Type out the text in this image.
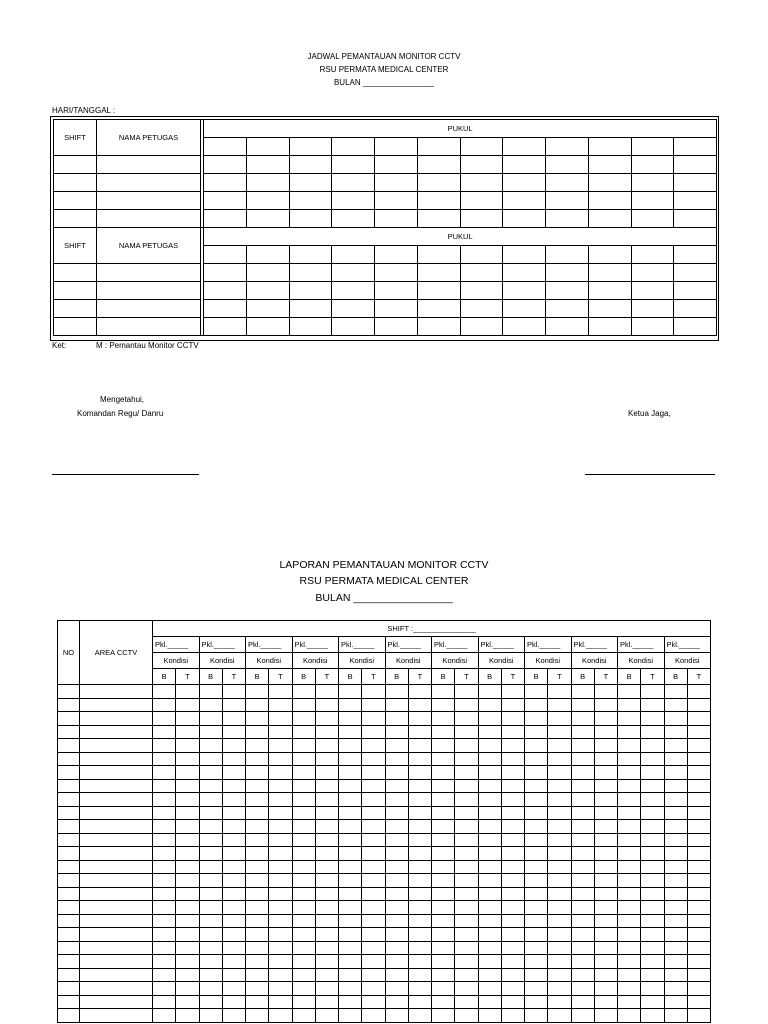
JADWAL PEMANTAUAN MONITOR CCTV
RSU PERMATA MEDICAL CENTER
BULAN ________________
HARI/TANGGAL :
SHIFT	NAMA PETUGAS		PUKUL											

SHIFT	NAMA PETUGAS		PUKUL											

Ket:	M : Pemantau Monitor CCTV
Mengetahui,
Komandan Regu/ Danru	Ketua Jaga,
LAPORAN PEMANTAUAN MONITOR CCTV
RSU PERMATA MEDICAL CENTER
BULAN _________________
NO	AREA CCTV	SHIFT :_______________																							
		Pkl._____		Pkl._____		Pkl._____		Pkl._____		Pkl._____		Pkl._____		Pkl._____		Pkl._____		Pkl._____		Pkl._____		Pkl._____		Pkl._____	
		Kondisi		Kondisi		Kondisi		Kondisi		Kondisi		Kondisi		Kondisi		Kondisi		Kondisi		Kondisi		Kondisi		Kondisi	
		B	T	B	T	B	T	B	T	B	T	B	T	B	T	B	T	B	T	B	T	B	T	B	T
